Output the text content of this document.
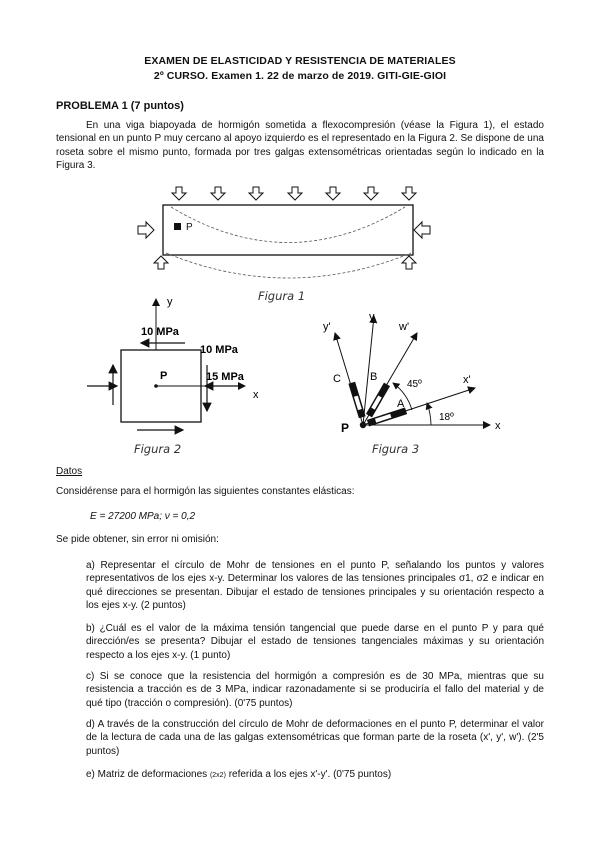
EXAMEN DE ELASTICIDAD Y RESISTENCIA DE MATERIALES
2º CURSO. Examen 1. 22 de marzo de 2019. GITI-GIE-GIOI
PROBLEMA 1 (7 puntos)
En una viga biapoyada de hormigón sometida a flexocompresión (véase la Figura 1), el estado tensional en un punto P muy cercano al apoyo izquierdo es el representado en la Figura 2. Se dispone de una roseta sobre el mismo punto, formada por tres galgas extensométricas orientadas según lo indicado en la Figura 3.
P
Figura 1
y
x
P
10 MPa
10 MPa
15 MPa
Figura 2
x
y
x'
y'	w'
A
B
C
18º
45º
P
Figura 3
Datos
Considérense para el hormigón las siguientes constantes elásticas:
E = 27200 MPa; ν = 0,2
Se pide obtener, sin error ni omisión:
a) Representar el círculo de Mohr de tensiones en el punto P, señalando los puntos y valores representativos de los ejes x-y. Determinar los valores de las tensiones principales σ1, σ2 e indicar en qué direcciones se presentan. Dibujar el estado de tensiones principales y su orientación respecto a los ejes x-y. (2 puntos)
b) ¿Cuál es el valor de la máxima tensión tangencial que puede darse en el punto P y para qué dirección/es se presenta? Dibujar el estado de tensiones tangenciales máximas y su orientación respecto a los ejes x-y. (1 punto)
c) Si se conoce que la resistencia del hormigón a compresión es de 30 MPa, mientras que su resistencia a tracción es de 3 MPa, indicar razonadamente si se produciría el fallo del material y de qué tipo (tracción o compresión). (0'75 puntos)
d) A través de la construcción del círculo de Mohr de deformaciones en el punto P, determinar el valor de la lectura de cada una de las galgas extensométricas que forman parte de la roseta (x', y', w'). (2'5 puntos)
e) Matriz de deformaciones (2x2) referida a los ejes x'-y'. (0'75 puntos)
